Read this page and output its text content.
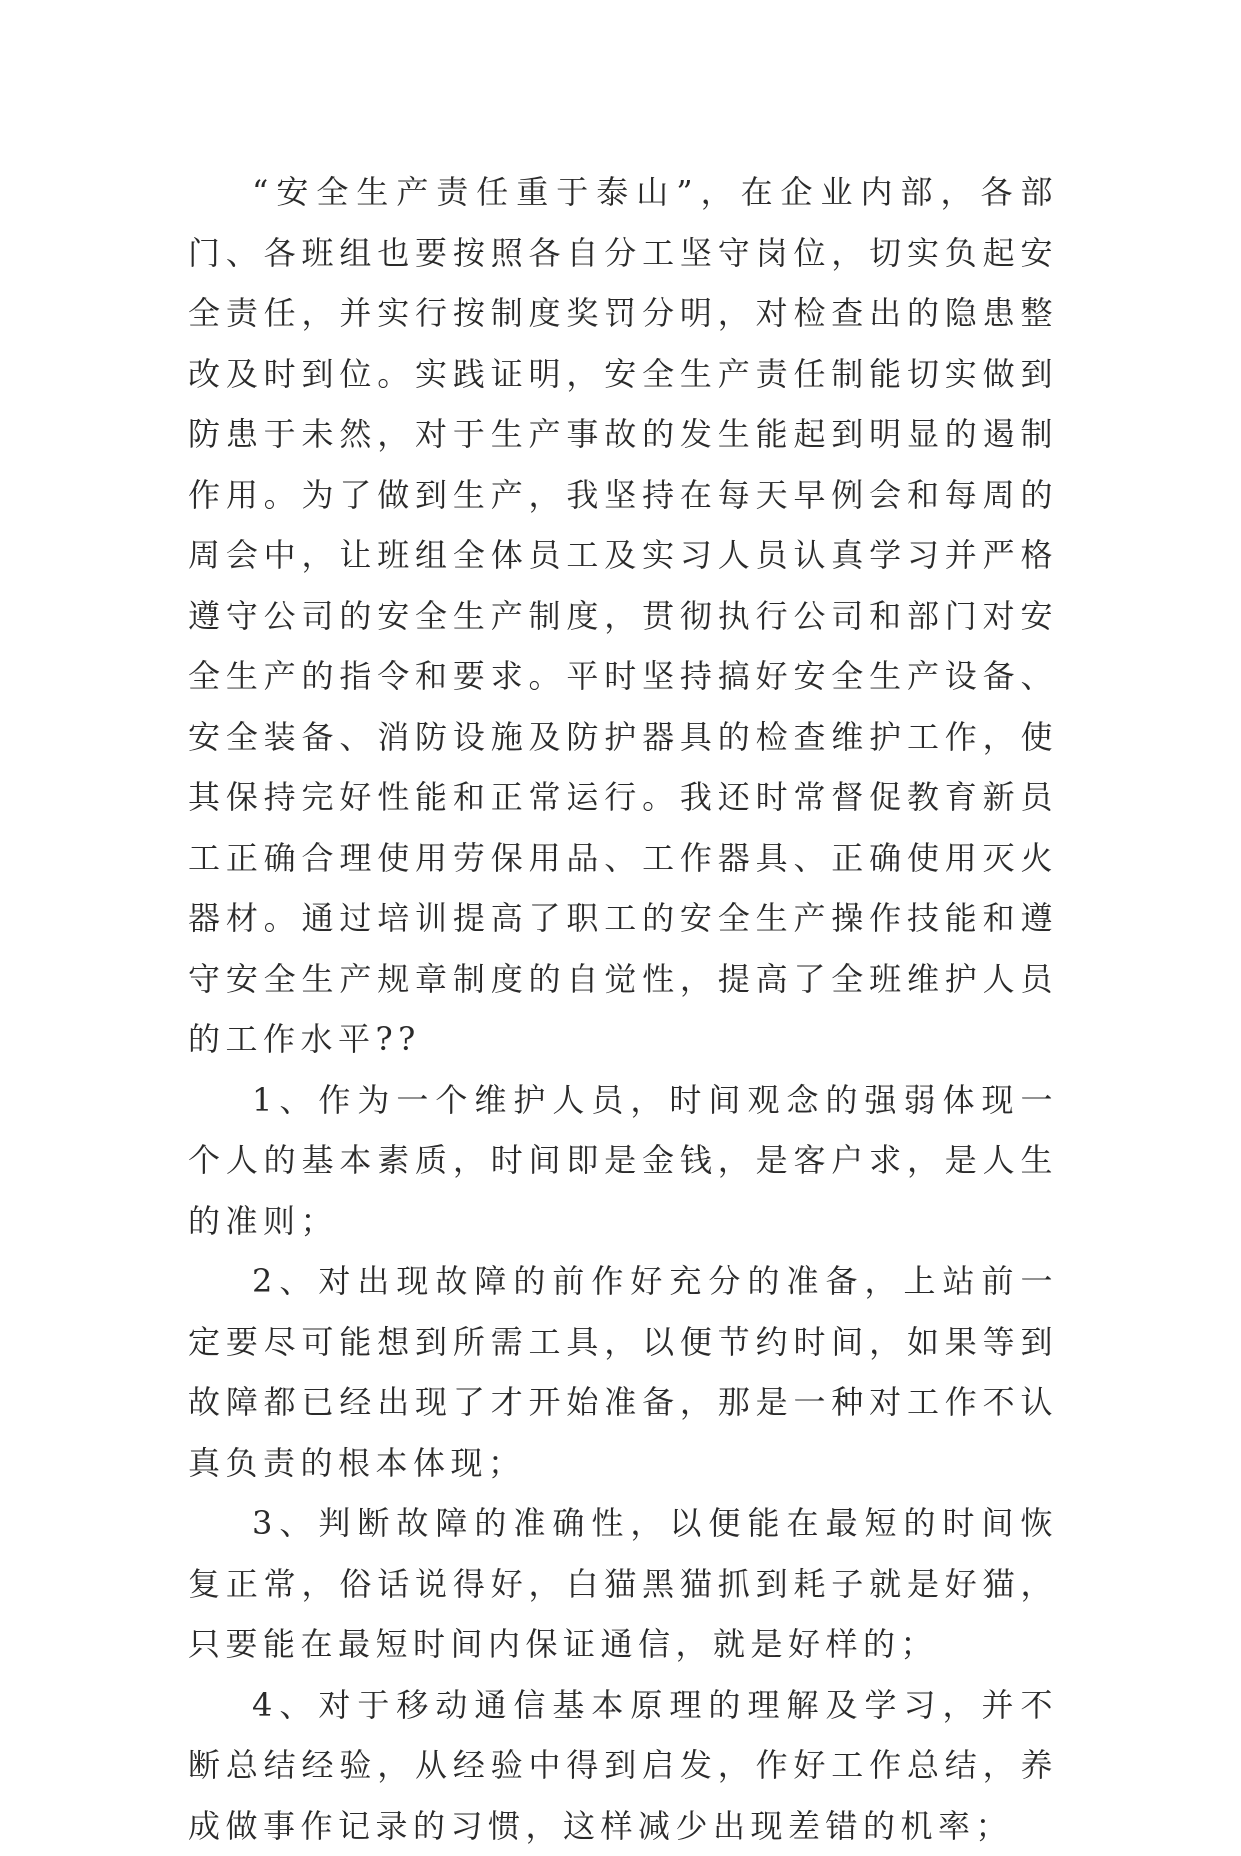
“安全生产责任重于泰山”，在企业内部，各部门、各班组也要按照各自分工坚守岗位，切实负起安全责任，并实行按制度奖罚分明，对检查出的隐患整改及时到位。实践证明，安全生产责任制能切实做到防患于未然，对于生产事故的发生能起到明显的遏制作用。为了做到生产，我坚持在每天早例会和每周的周会中，让班组全体员工及实习人员认真学习并严格遵守公司的安全生产制度，贯彻执行公司和部门对安全生产的指令和要求。平时坚持搞好安全生产设备、安全装备、消防设施及防护器具的检查维护工作，使其保持完好性能和正常运行。我还时常督促教育新员工正确合理使用劳保用品、工作器具、正确使用灭火器材。通过培训提高了职工的安全生产操作技能和遵守安全生产规章制度的自觉性，提高了全班维护人员的工作水平??

1、作为一个维护人员，时间观念的强弱体现一个人的基本素质，时间即是金钱，是客户求，是人生的准则；

2、对出现故障的前作好充分的准备，上站前一定要尽可能想到所需工具，以便节约时间，如果等到故障都已经出现了才开始准备，那是一种对工作不认真负责的根本体现；

3、判断故障的准确性，以便能在最短的时间恢复正常，俗话说得好，白猫黑猫抓到耗子就是好猫，只要能在最短时间内保证通信，就是好样的；

4、对于移动通信基本原理的理解及学习，并不断总结经验，从经验中得到启发，作好工作总结，养成做事作记录的习惯，这样减少出现差错的机率；
